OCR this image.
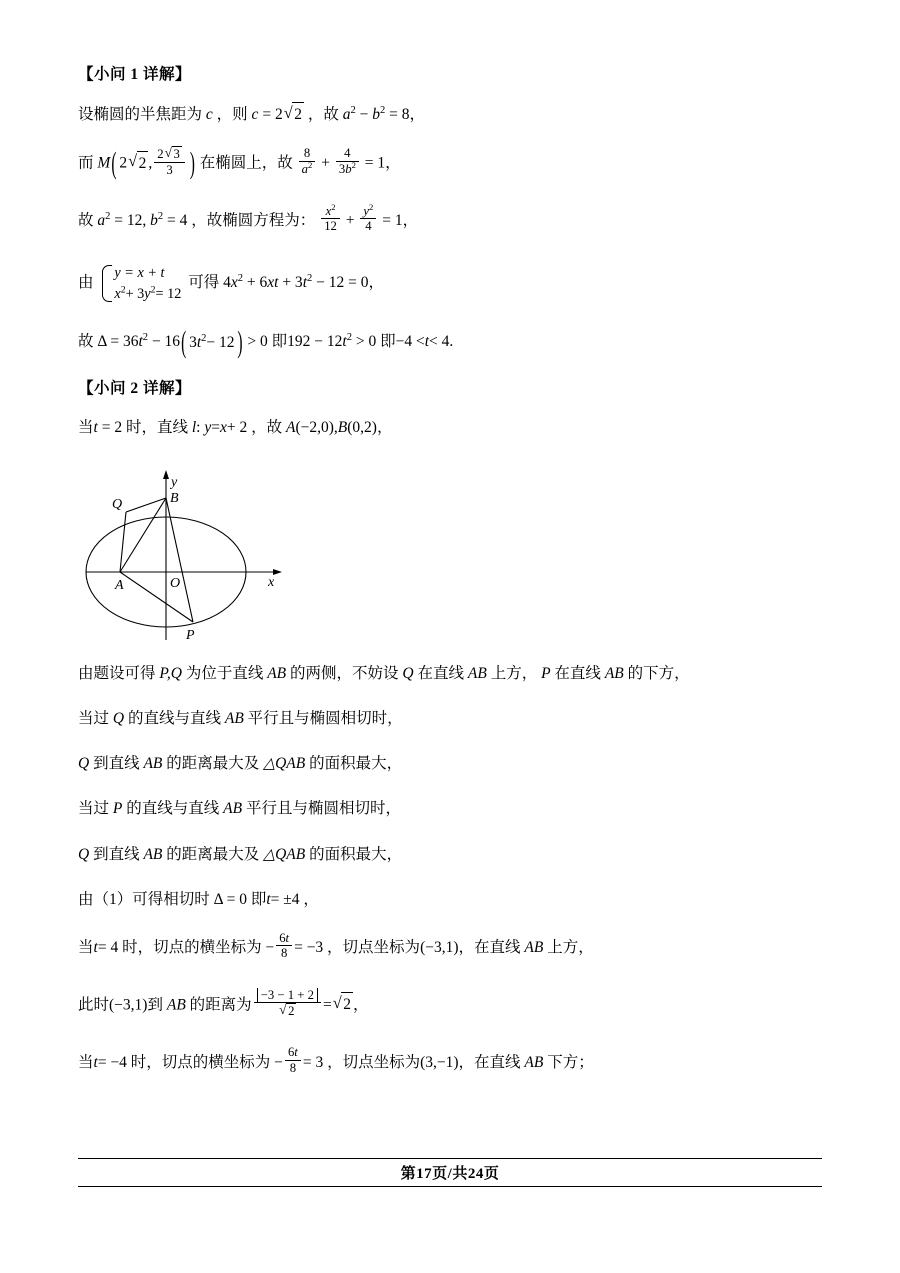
【小问 1 详解】
设椭圆的半焦距为 c ，则 c = 2 √ 2 ，故 $a^2 - b^2 = 8$，
而 M ( 2 √ 2 , $\frac{2 √ 3}{3}$
) 在椭圆上，故 $\frac{8}{a^2} + \frac{4}{3b^2} = 1$，
故 $a^2 = 12$, $b^2 = 4$ ，故椭圆方程为： $\frac{x^2}{12} + \frac{y^2}{4} = 1$，
由
y = x + t
$x^2+ 3y^2= 12$
可得 $4x^2 + 6xt + 3t^2 - 12 = 0$，
故 $\Delta = 36t^2 - 16$ ( $3t^2- 12$ ) > 0 即$192 - 12t^2 > 0$ 即−4 <t< 4.
【小问 2 详解】
当t = 2 时，直线 l: y=x+ 2 ，故 A(−2,0),B(0,2)，
y
x
O
A
B
P
Q
由题设可得 P,Q 为位于直线 AB 的两侧，不妨设 Q 在直线 AB 上方， P 在直线 AB 的下方，
当过 Q 的直线与直线 AB 平行且与椭圆相切时，
Q 到直线 AB 的距离最大及 △QAB 的面积最大，
当过 P 的直线与直线 AB 平行且与椭圆相切时，
Q 到直线 AB 的距离最大及 △QAB 的面积最大，
由（1）可得相切时 Δ = 0 即t= ±4 ，
当t= 4 时，切点的横坐标为 − $\frac{6t}{8} = -3$ ，切点坐标为(−3,1)，在直线 AB 上方，
此时(−3,1)到 AB 的距离为 −3 − 1 + 2
√ 2 = √ 2 ，
当t= −4 时，切点的横坐标为 − $\frac{6t}{8} = 3$ ，切点坐标为(3,−1)，在直线 AB 下方；
第17页/共24页
